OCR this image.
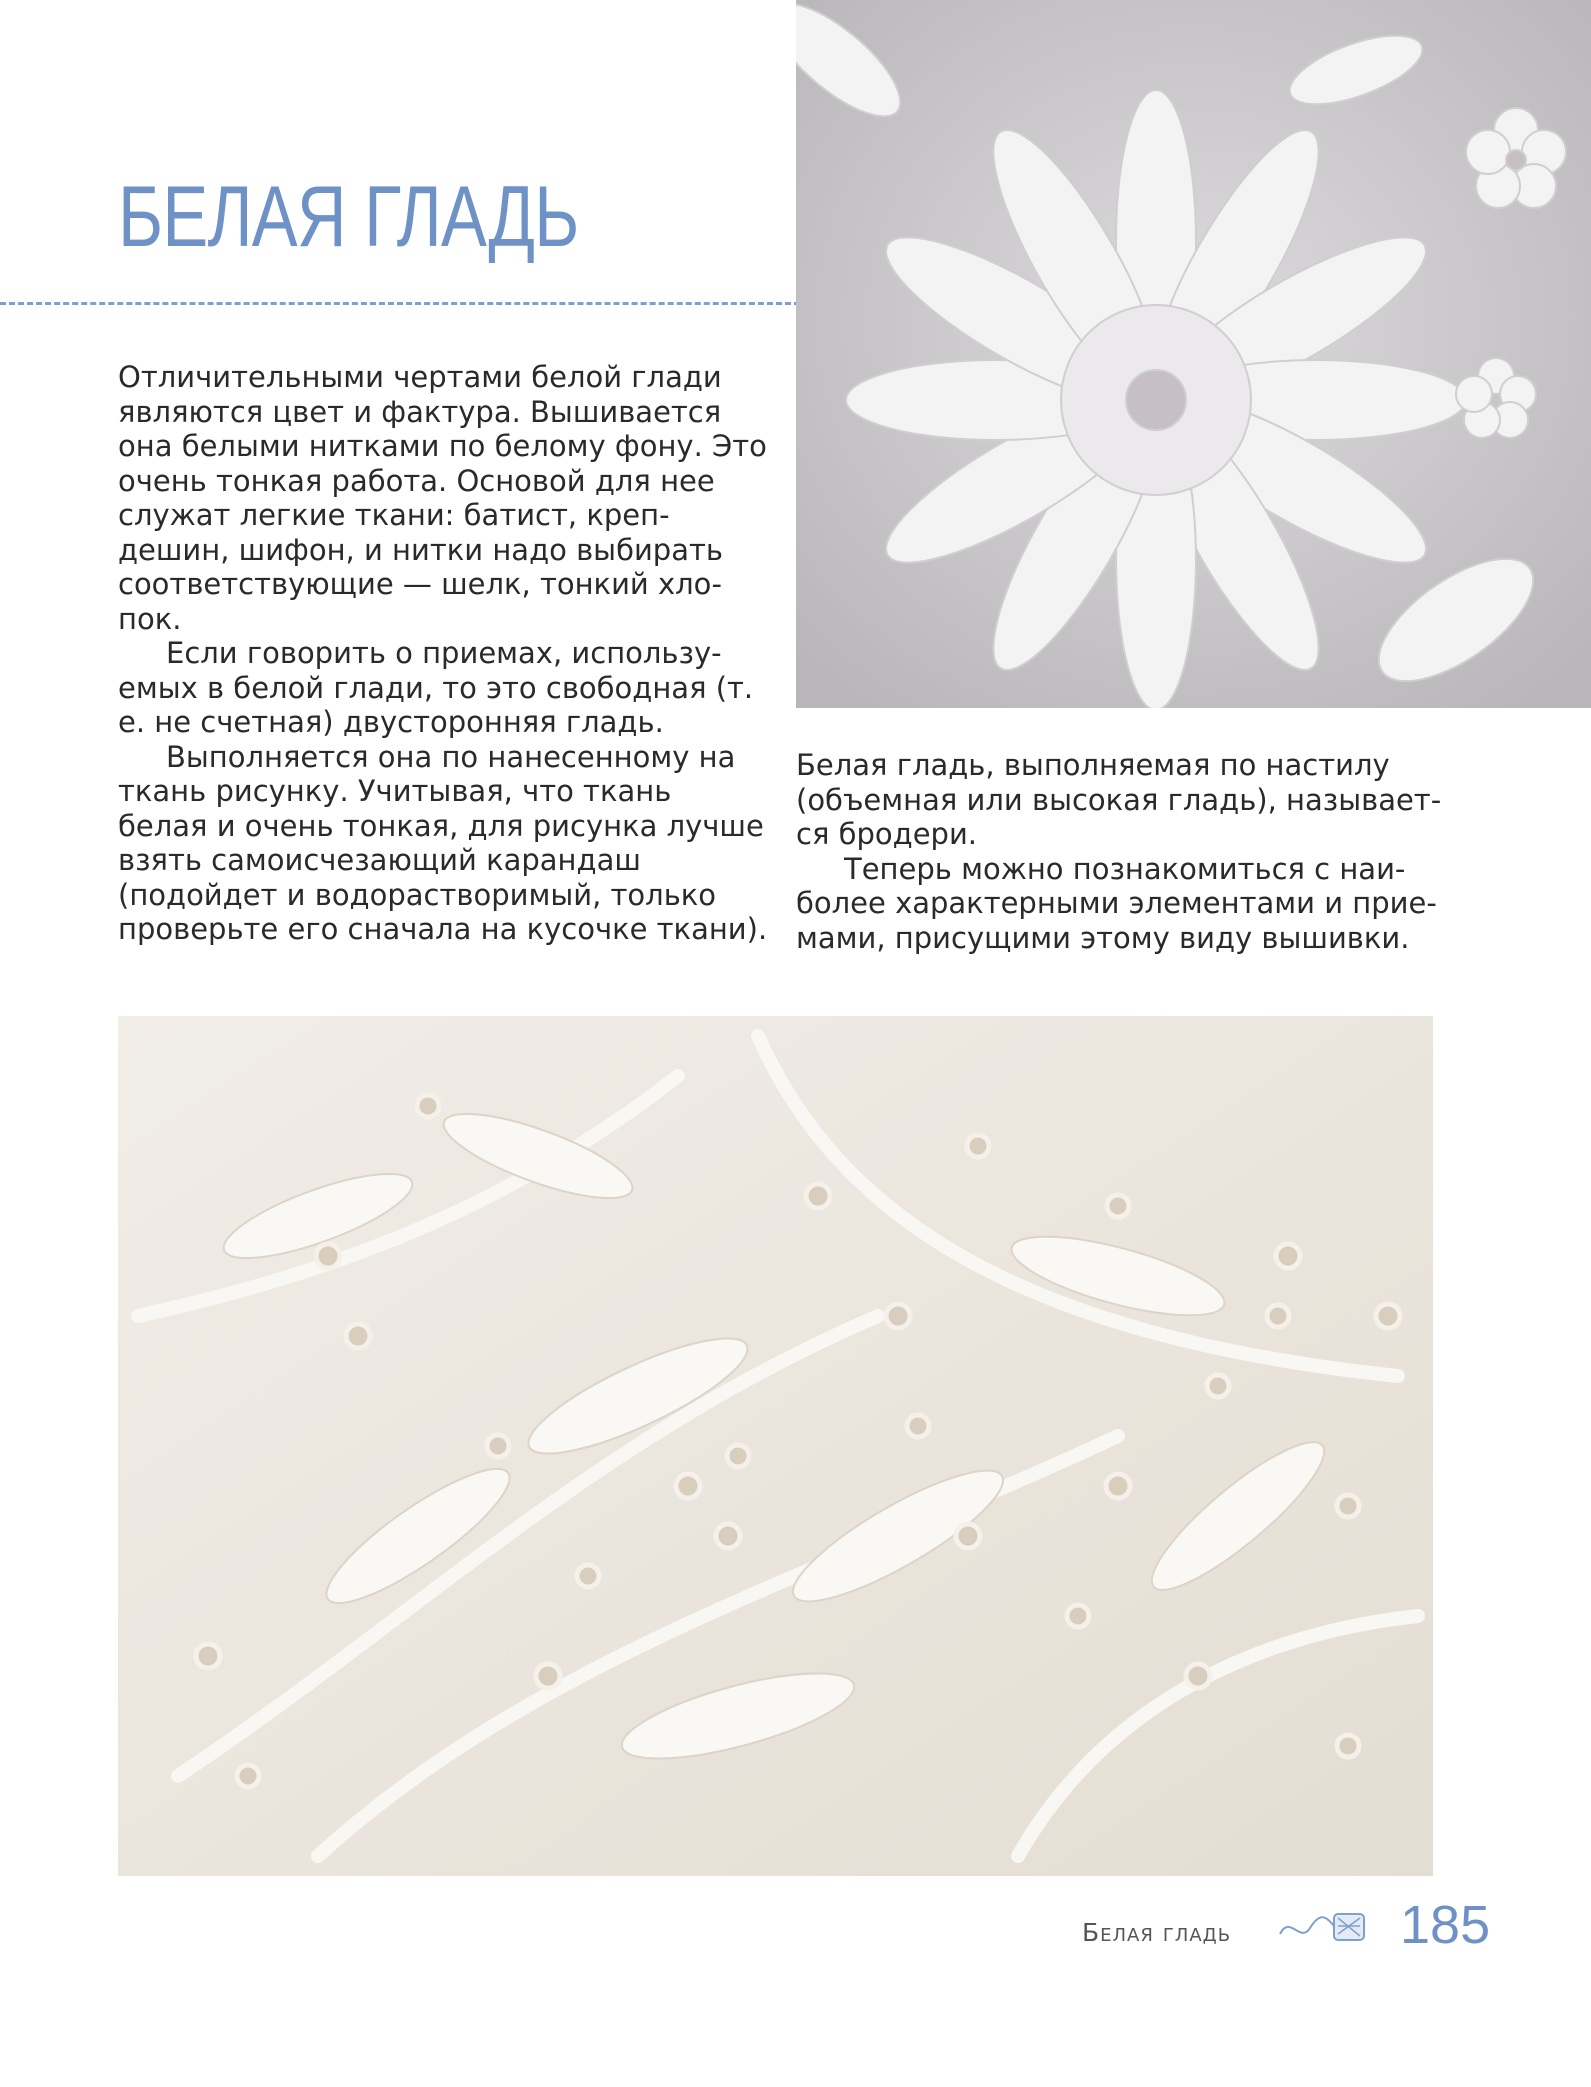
БЕЛАЯ ГЛАДЬ

Отличительными чертами белой глади являются цвет и фактура. Вышивается она белыми нитками по белому фону. Это очень тонкая работа. Основой для нее служат легкие ткани: батист, крепдешин, шифон, и нитки надо выбирать соответствующие — шелк, тонкий хлопок.

Если говорить о приемах, используемых в белой глади, то это свободная (т. е. не счетная) двусторонняя гладь.

Выполняется она по нанесенному на ткань рисунку. Учитывая, что ткань белая и очень тонкая, для рисунка лучше взять самоисчезающий карандаш (подойдет и водорастворимый, только проверьте его сначала на кусочке ткани).

Белая гладь, выполняемая по настилу (объемная или высокая гладь), называется бродери.

Теперь можно познакомиться с наиболее характерными элементами и приемами, присущими этому виду вышивки.

Белая гладь	185
